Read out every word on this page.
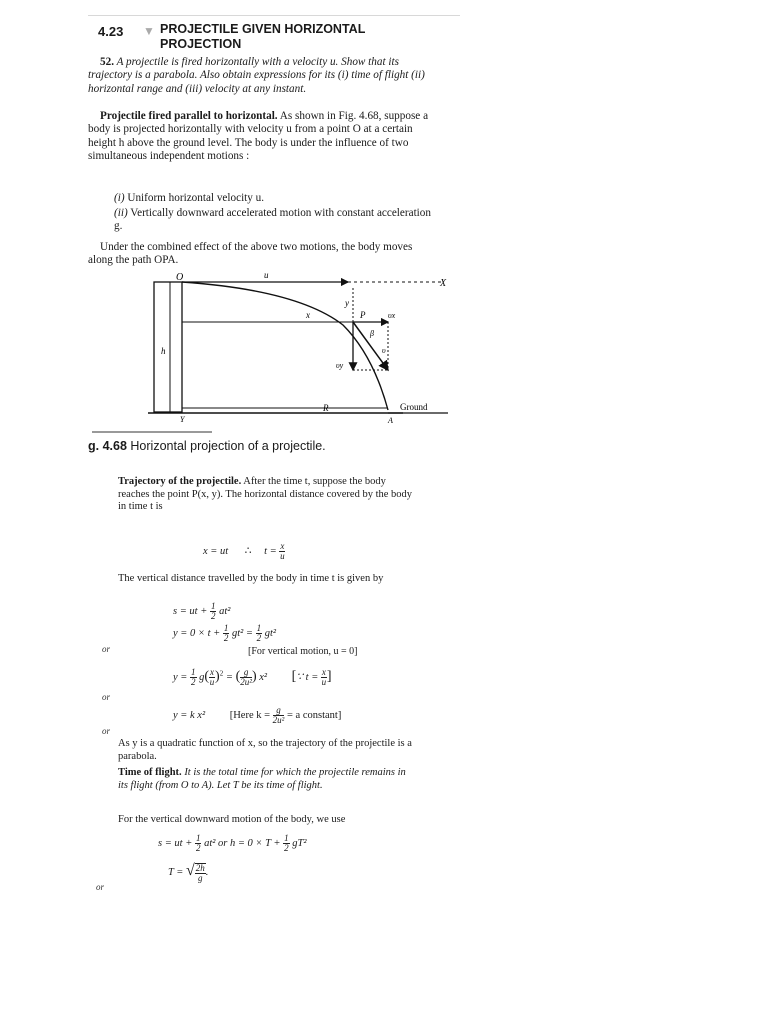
4.23 ▼ PROJECTILE GIVEN HORIZONTAL PROJECTION
52. A projectile is fired horizontally with a velocity u. Show that its trajectory is a parabola. Also obtain expressions for its (i) time of flight (ii) horizontal range and (iii) velocity at any instant.
Projectile fired parallel to horizontal. As shown in Fig. 4.68, suppose a body is projected horizontally with velocity u from a point O at a certain height h above the ground level. The body is under the influence of two simultaneous independent motions :
(i) Uniform horizontal velocity u.
(ii) Vertically downward accelerated motion with constant acceleration g.
Under the combined effect of the above two motions, the body moves along the path OPA.
O	u
X
y
x	P	υx
β
υ
υy
h
R	Ground
Y	A
g. 4.68 Horizontal projection of a projectile.
Trajectory of the projectile. After the time t, suppose the body reaches the point P(x, y). The horizontal distance covered by the body in time t is
x = ut ∴ $t = \frac{x}{u}$
The vertical distance travelled by the body in time t is given by
s = ut + $\frac{1}{2} at^2$
$y = 0 \times t + \frac{1}{2} gt^2 = \frac{1}{2} gt^2$
or	[For vertical motion, u = 0]
$y = \frac{1}{2} g( \frac{x}{u} )^2$ = ( $\frac{g}{\text{2u²}}$ ) x² [∵ $t = \frac{x}{u}$ ]
or
y = k x² [Here $k = \frac{g}{\text{2u²}} = a$ constant]
or
As y is a quadratic function of x, so the trajectory of the projectile is a parabola.
Time of flight. It is the total time for which the projectile remains in its flight (from O to A). Let T be its time of flight.
For the vertical downward motion of the body, we use
s = ut + $\frac{1}{2} at^2$ or $h = 0 \times T + \frac{1}{2} gT^2$
or
T = √ $\frac{2h}{g}$ .
